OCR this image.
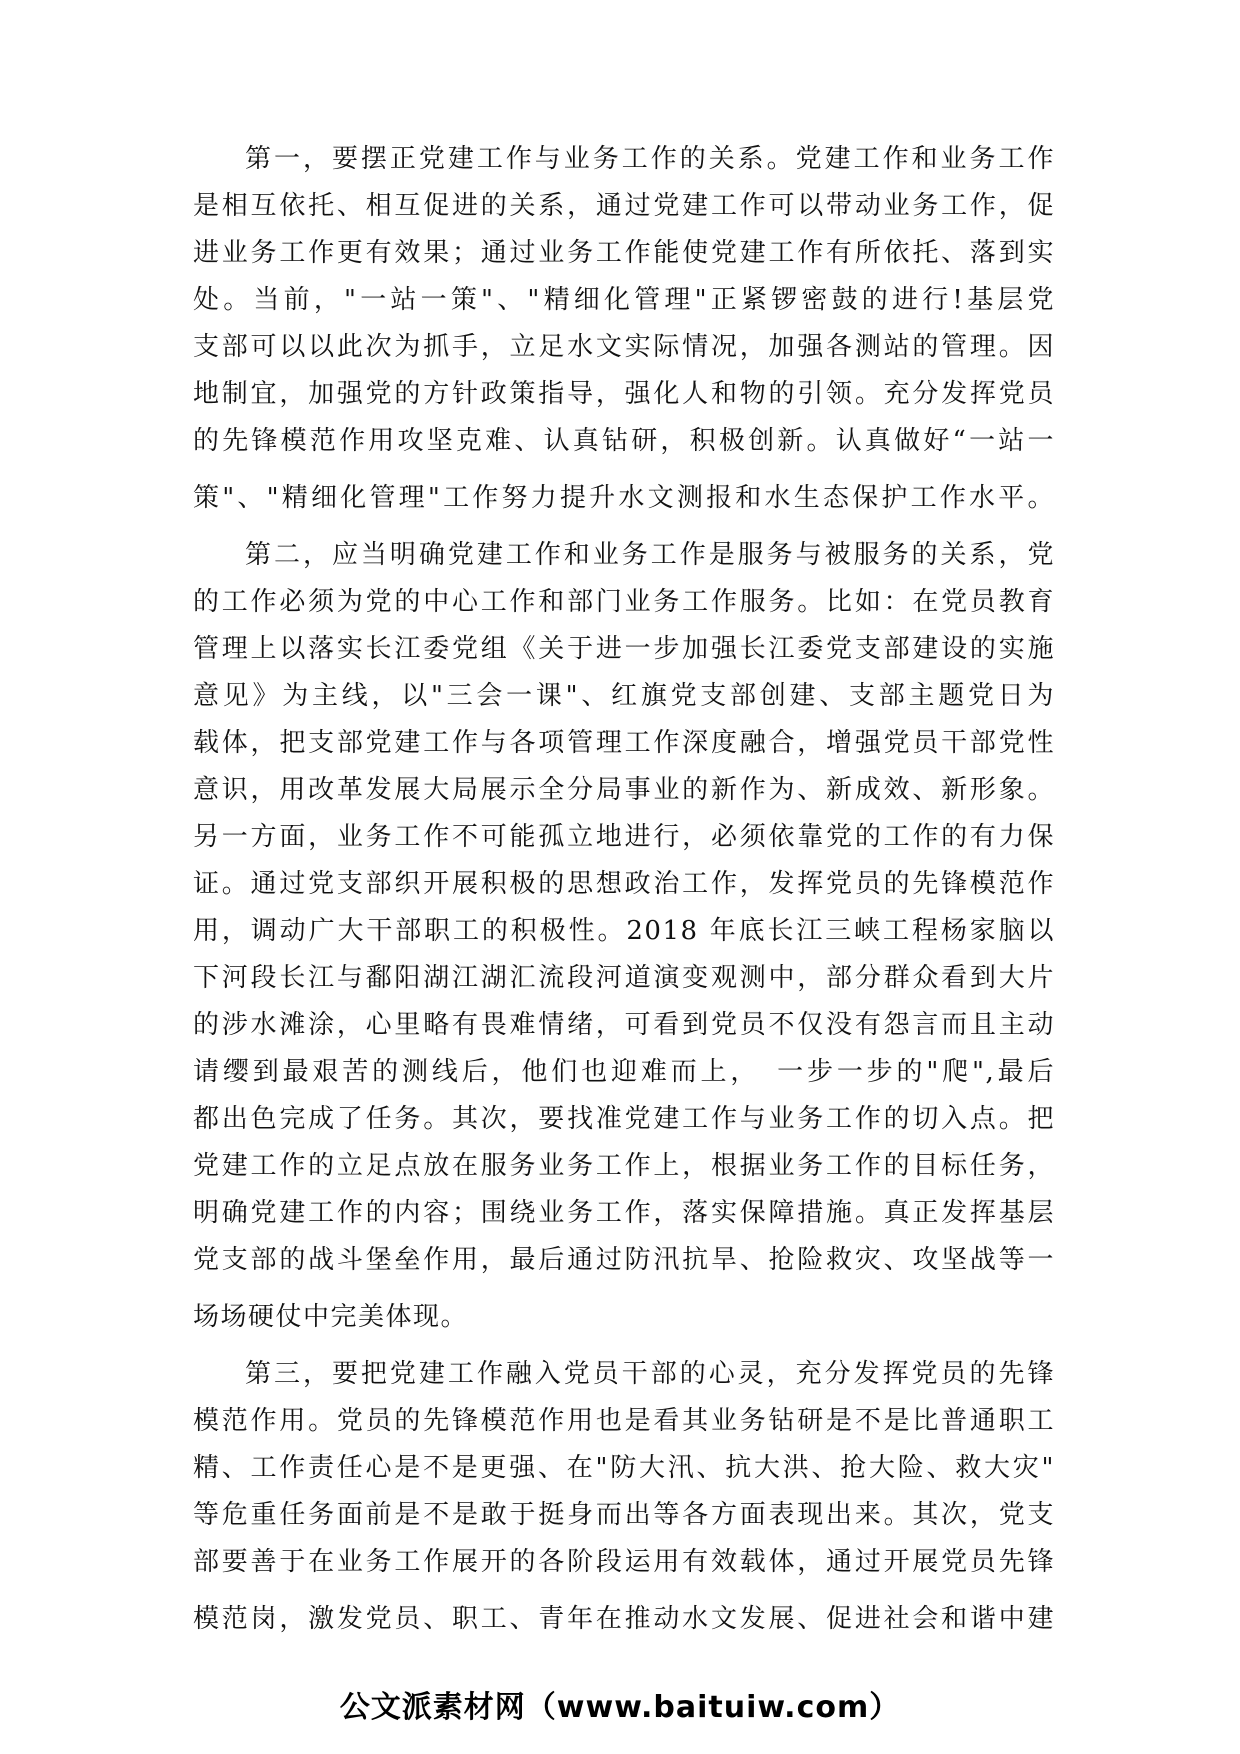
第一，要摆正党建工作与业务工作的关系。党建工作和业务工作
是相互依托、相互促进的关系，通过党建工作可以带动业务工作，促
进业务工作更有效果；通过业务工作能使党建工作有所依托、落到实
处。当前，"一站一策"、"精细化管理"正紧锣密鼓的进行!基层党
支部可以以此次为抓手，立足水文实际情况，加强各测站的管理。因
地制宜，加强党的方针政策指导，强化人和物的引领。充分发挥党员
的先锋模范作用攻坚克难、认真钻研，积极创新。认真做好“一站一
策"、"精细化管理"工作努力提升水文测报和水生态保护工作水平。
第二，应当明确党建工作和业务工作是服务与被服务的关系，党
的工作必须为党的中心工作和部门业务工作服务。比如：在党员教育
管理上以落实长江委党组《关于进一步加强长江委党支部建设的实施
意见》为主线，以"三会一课"、红旗党支部创建、支部主题党日为
载体，把支部党建工作与各项管理工作深度融合，增强党员干部党性
意识，用改革发展大局展示全分局事业的新作为、新成效、新形象。
另一方面，业务工作不可能孤立地进行，必须依靠党的工作的有力保
证。通过党支部织开展积极的思想政治工作，发挥党员的先锋模范作
用，调动广大干部职工的积极性。2018 年底长江三峡工程杨家脑以
下河段长江与鄱阳湖江湖汇流段河道演变观测中，部分群众看到大片
的涉水滩涂，心里略有畏难情绪，可看到党员不仅没有怨言而且主动
请缨到最艰苦的测线后，他们也迎难而上，　一步一步的"爬",最后
都出色完成了任务。其次，要找准党建工作与业务工作的切入点。把
党建工作的立足点放在服务业务工作上，根据业务工作的目标任务，
明确党建工作的内容；围绕业务工作，落实保障措施。真正发挥基层
党支部的战斗堡垒作用，最后通过防汛抗旱、抢险救灾、攻坚战等一
场场硬仗中完美体现。
第三，要把党建工作融入党员干部的心灵，充分发挥党员的先锋
模范作用。党员的先锋模范作用也是看其业务钻研是不是比普通职工
精、工作责任心是不是更强、在"防大汛、抗大洪、抢大险、救大灾"
等危重任务面前是不是敢于挺身而出等各方面表现出来。其次，党支
部要善于在业务工作展开的各阶段运用有效载体，通过开展党员先锋
模范岗，激发党员、职工、青年在推动水文发展、促进社会和谐中建
公文派素材网（www.baituiw.com）
